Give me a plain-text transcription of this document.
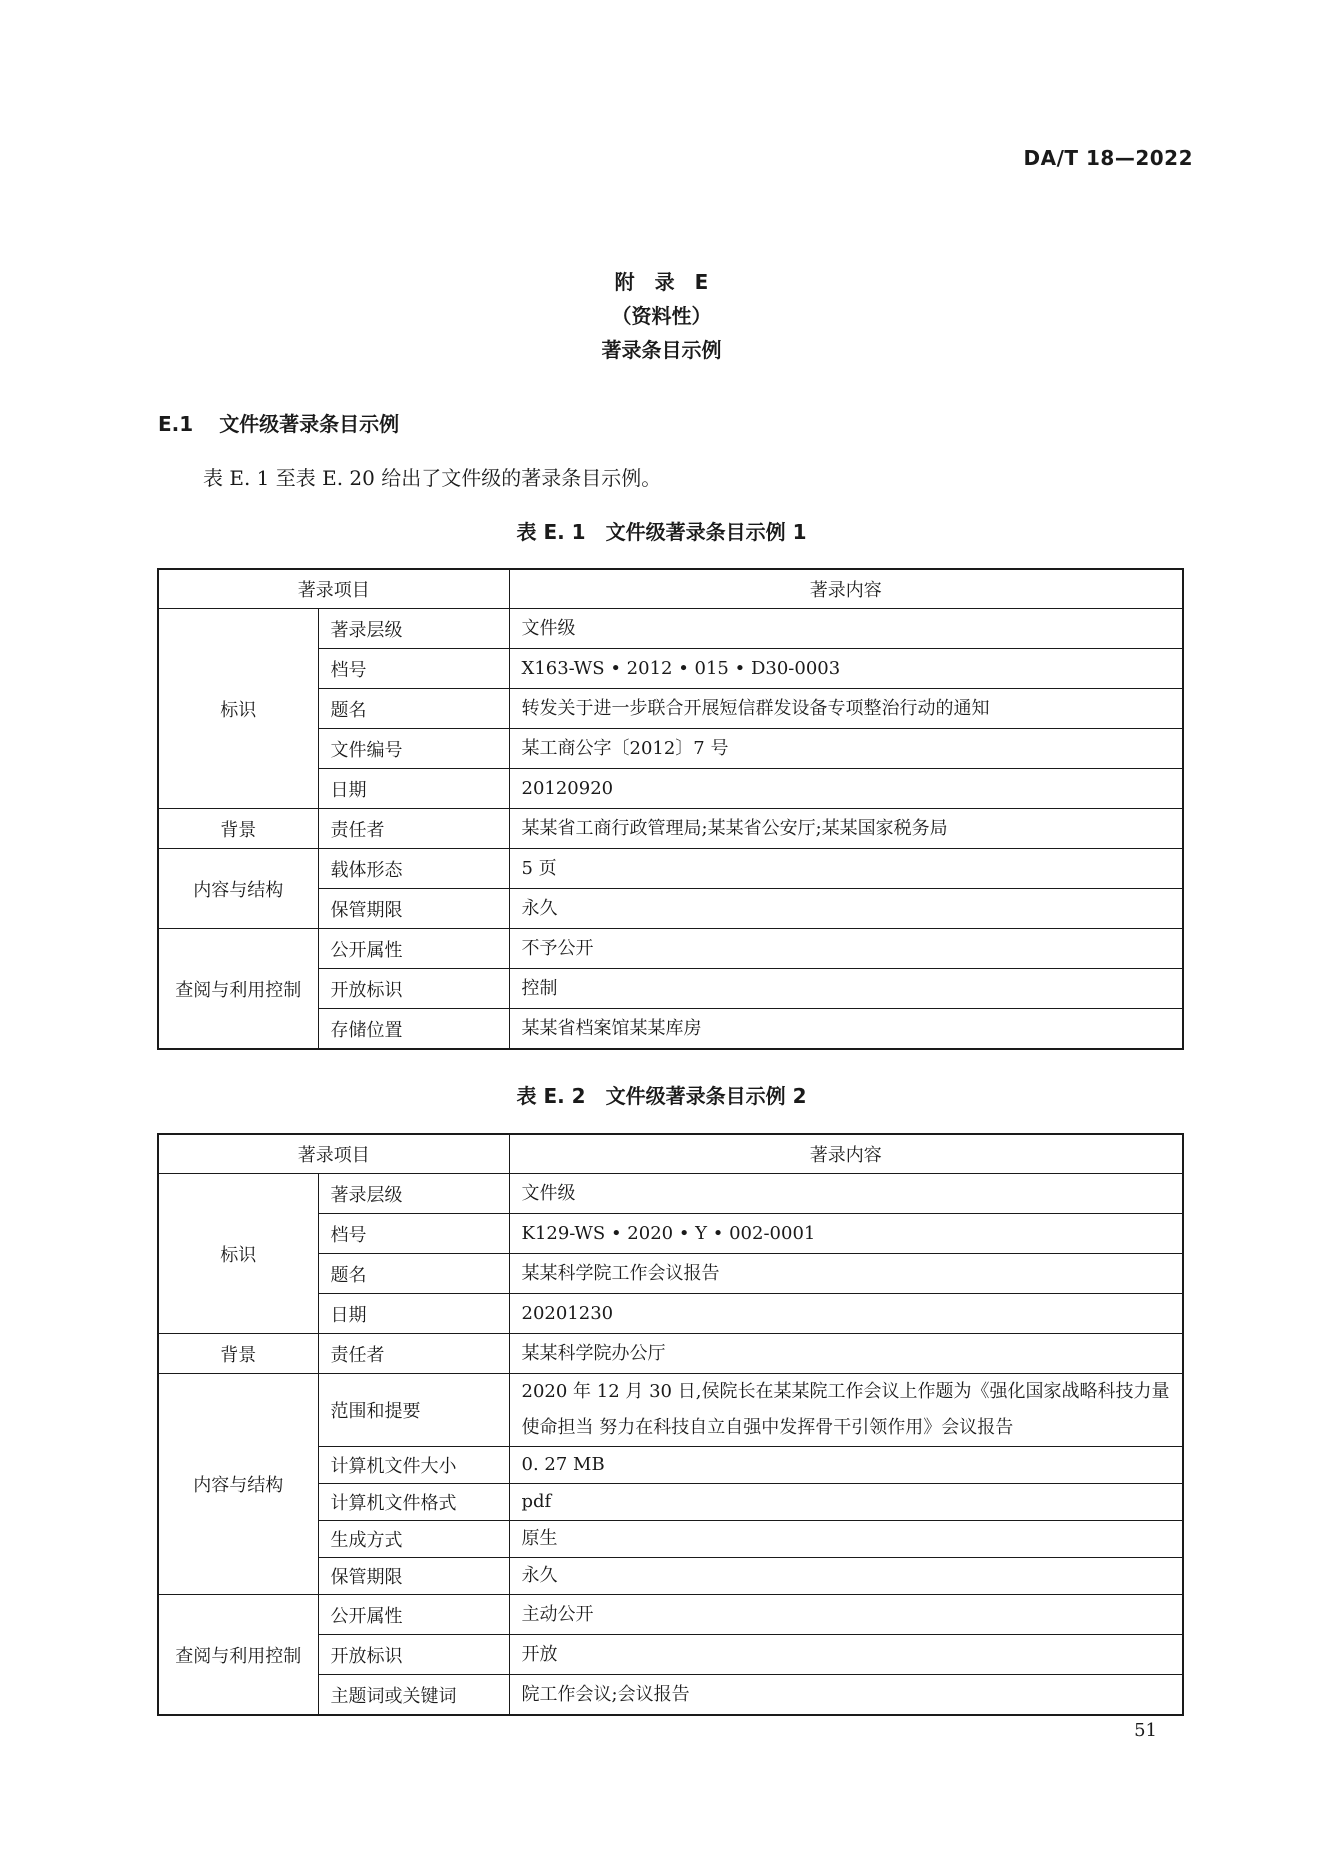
DA/T 18—2022
附　录　E
（资料性）
著录条目示例
E.1 文件级著录条目示例
表 E. 1 至表 E. 20 给出了文件级的著录条目示例。
表 E. 1　文件级著录条目示例 1
著录项目		著录内容
标识	著录层级	文件级
	档号	X163-WS • 2012 • 015 • D30-0003
	题名	转发关于进一步联合开展短信群发设备专项整治行动的通知
	文件编号	某工商公字〔2012〕7 号
	日期	20120920
背景	责任者	某某省工商行政管理局;某某省公安厅;某某国家税务局
内容与结构	载体形态	5 页
	保管期限	永久
查阅与利用控制	公开属性	不予公开
	开放标识	控制
	存储位置	某某省档案馆某某库房
表 E. 2　文件级著录条目示例 2
著录项目		著录内容
标识	著录层级	文件级
	档号	K129-WS • 2020 • Y • 002-0001
	题名	某某科学院工作会议报告
	日期	20201230
背景	责任者	某某科学院办公厅
内容与结构	范围和提要	2020 年 12 月 30 日,侯院长在某某院工作会议上作题为《强化国家战略科技力量使命担当 努力在科技自立自强中发挥骨干引领作用》会议报告
	计算机文件大小	0. 27 MB
	计算机文件格式	pdf
	生成方式	原生
	保管期限	永久
查阅与利用控制	公开属性	主动公开
	开放标识	开放
	主题词或关键词	院工作会议;会议报告
51
